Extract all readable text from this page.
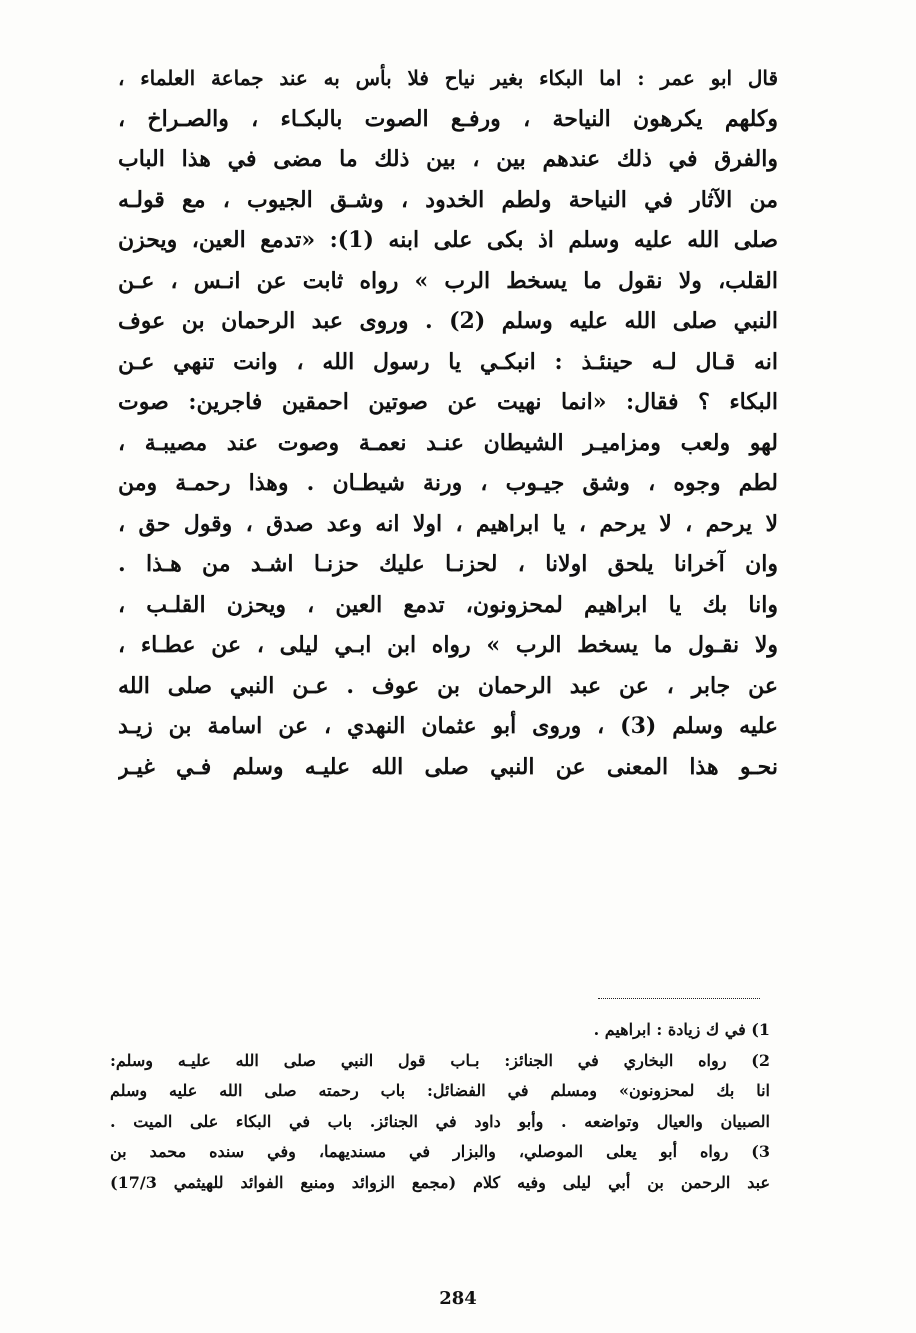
قال ابو عمر : اما البكاء بغير نياح فلا بأس به عند جماعة العلماء ،
وكلهم يكرهون النياحة ، ورفـع الصوت بالبكـاء ، والصـراخ ،
والفرق في ذلك عندهم بين ، بين ذلك ما مضى في هذا الباب
من الآثار في النياحة ولطم الخدود ، وشـق الجيوب ، مع قولـه
صلى الله عليه وسلم اذ بكى على ابنه (1): «تدمع العين، ويحزن
القلب، ولا نقول ما يسخط الرب » رواه ثابت عن انـس ، عـن
النبي صلى الله عليه وسلم (2) . وروى عبد الرحمان بن عوف
انه قـال لـه حينئـذ : انبكـي يا رسول الله ، وانت تنهي عـن
البكاء ؟ فقال: «انما نهيت عن صوتين احمقين فاجرين: صوت
لهو ولعب ومزاميـر الشيطان عنـد نعمـة وصوت عند مصيبـة ،
لطم وجوه ، وشق جيـوب ، ورنة شيطـان . وهذا رحمـة ومن
لا يرحم ، لا يرحم ، يا ابراهيم ، اولا انه وعد صدق ، وقول حق ،
وان آخرانا يلحق اولانا ، لحزنـا عليك حزنـا اشـد من هـذا .
وانا بك يا ابراهيم لمحزونون، تدمع العين ، ويحزن القلـب ،
ولا نقـول ما يسخط الرب » رواه ابن ابـي ليلى ، عن عطـاء ،
عن جابر ، عن عبد الرحمان بن عوف . عـن النبي صلى الله
عليه وسلم (3) ، وروى أبو عثمان النهدي ، عن اسامة بن زيـد
نحـو هذا المعنى عن النبي صلى الله عليـه وسلم فـي غيـر
1) في ك زيادة : ابراهيم .
2) رواه البخاري في الجنائز: بـاب قول النبي صلى الله عليـه وسلم:
انا بك لمحزونون» ومسلم في الفضائل: باب رحمته صلى الله عليه وسلم
الصبيان والعيال وتواضعه . وأبو داود في الجنائز. باب في البكاء على الميت .
3) رواه أبو يعلى الموصلي، والبزار في مسنديهما، وفي سنده محمد بن
عبد الرحمن بن أبي ليلى وفيه كلام (مجمع الزوائد ومنبع الفوائد للهيثمي 17/3)
284
